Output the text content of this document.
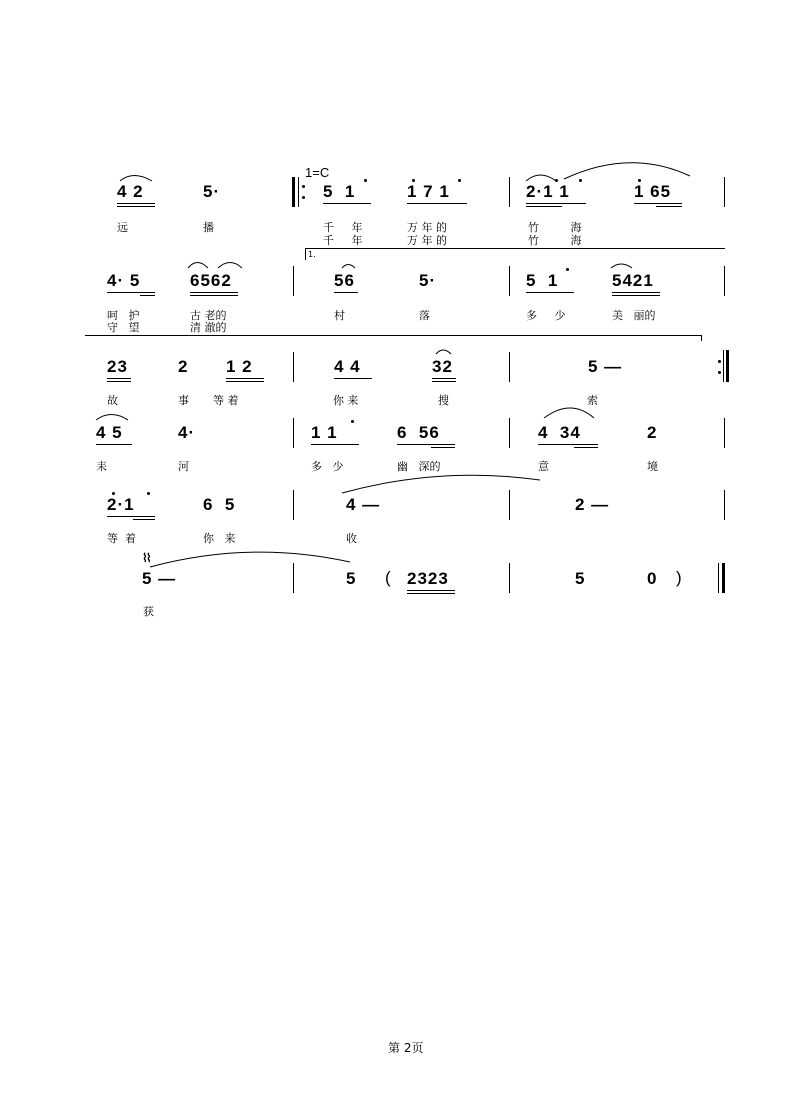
1=C
4 2	5·	5  1	1 7 1	2·1 1	1 65
远	播	千     年	万 年 的	竹         海
千     年	万 年 的	竹         海
1.
4· 5	6562	56	5·	5  1	5421
呵   护	古 老的	村	落	多     少	美   丽的
守   望	清 澈的
23	2 1 2	4 4	32	5 —
故	事 等 着	你 来	搜	索
4 5	4·	1 1	6  56	4  34	2
耒	河	多   少	幽   深的	意	境
2·1	6  5	4 —	2 —
等  着	你   来	收
⌇⌇
5 —	5 ( 2323	5	0 )
获
第 2页
